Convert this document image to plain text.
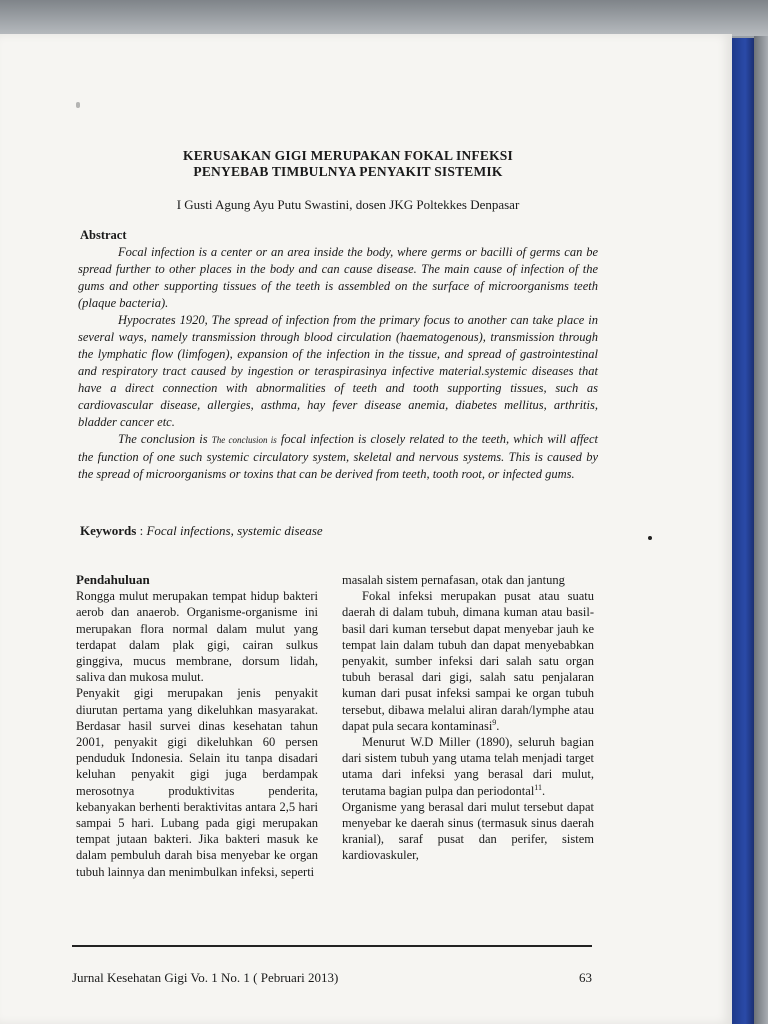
KERUSAKAN GIGI MERUPAKAN FOKAL INFEKSI
PENYEBAB TIMBULNYA PENYAKIT SISTEMIK
I Gusti Agung Ayu Putu Swastini, dosen JKG Poltekkes Denpasar
Abstract

Focal infection is a center or an area inside the body, where germs or bacilli of germs can be spread further to other places in the body and can cause disease. The main cause of infection of the gums and other supporting tissues of the teeth is assembled on the surface of microorganisms teeth (plaque bacteria).

Hypocrates 1920, The spread of infection from the primary focus to another can take place in several ways, namely transmission through blood circulation (haematogenous), transmission through the lymphatic flow (limfogen), expansion of the infection in the tissue, and spread of gastrointestinal and respiratory tract caused by ingestion or teraspirasinya infective material.systemic diseases that have a direct connection with abnormalities of teeth and tooth supporting tissues, such as cardiovascular disease, allergies, asthma, hay fever disease anemia, diabetes mellitus, arthritis, bladder cancer etc.

The conclusion is The conclusion is focal infection is closely related to the teeth, which will affect the function of one such systemic circulatory system, skeletal and nervous systems. This is caused by the spread of microorganisms or toxins that can be derived from teeth, tooth root, or infected gums.

Keywords : Focal infections, systemic disease

Pendahuluan

Rongga mulut merupakan tempat hidup bakteri aerob dan anaerob. Organisme-organisme ini merupakan flora normal dalam mulut yang terdapat dalam plak gigi, cairan sulkus ginggiva, mucus membrane, dorsum lidah, saliva dan mukosa mulut.

Penyakit gigi merupakan jenis penyakit diurutan pertama yang dikeluhkan masyarakat. Berdasar hasil survei dinas kesehatan tahun 2001, penyakit gigi dikeluhkan 60 persen penduduk Indonesia. Selain itu tanpa disadari keluhan penyakit gigi juga berdampak merosotnya produktivitas penderita, kebanyakan berhenti beraktivitas antara 2,5 hari sampai 5 hari. Lubang pada gigi merupakan tempat jutaan bakteri. Jika bakteri masuk ke dalam pembuluh darah bisa menyebar ke organ tubuh lainnya dan menimbulkan infeksi, seperti

masalah sistem pernafasan, otak dan jantung

Fokal infeksi merupakan pusat atau suatu daerah di dalam tubuh, dimana kuman atau basil-basil dari kuman tersebut dapat menyebar jauh ke tempat lain dalam tubuh dan dapat menyebabkan penyakit, sumber infeksi dari salah satu organ tubuh berasal dari gigi, salah satu penjalaran kuman dari pusat infeksi sampai ke organ tubuh tersebut, dibawa melalui aliran darah/lymphe atau dapat pula secara kontaminasi$^9$.

Menurut W.D Miller (1890), seluruh bagian dari sistem tubuh yang utama telah menjadi target utama dari infeksi yang berasal dari mulut, terutama bagian pulpa dan periodontal$^{11}$.

Organisme yang berasal dari mulut tersebut dapat menyebar ke daerah sinus (termasuk sinus daerah kranial), saraf pusat dan perifer, sistem kardiovaskuler,

Jurnal Kesehatan Gigi Vo. 1 No. 1 ( Pebruari 2013)	63
